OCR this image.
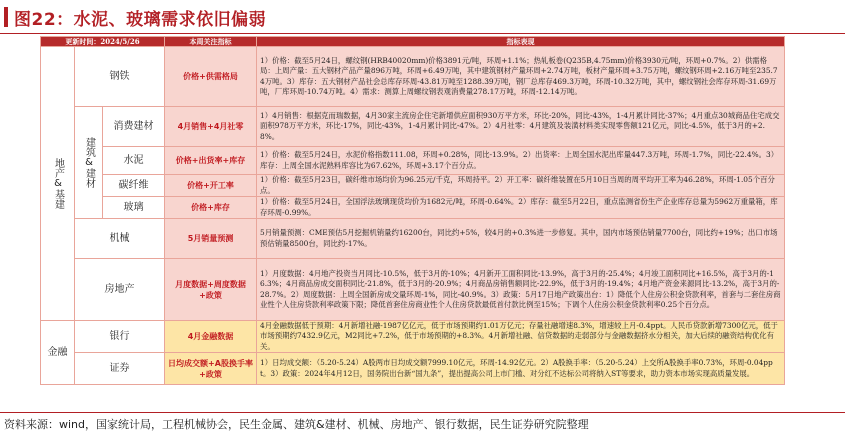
图22：水泥、玻璃需求依旧偏弱
更新时间：2024/5/26			本周关注指标	指标表现

地产&基建	钢铁		价格+供需格局	1）价格：截至5月24日，螺纹钢(HRB40020mm)价格3891元/吨，环周+1.1%；热轧板卷(Q235B,4.75mm)价格3930元/吨，环周+0.7%。2）供需格局：上周产量：五大钢材产品产量896万吨，环周+6.49万吨，其中建筑钢材产量环周+2.74万吨，板材产量环周+3.75万吨，螺纹钢环周+2.16万吨至235.74万吨。3）库存：五大钢材产品社会总库存环周-43.81万吨至1288.39万吨，钢厂总库存469.3万吨，环周-10.32万吨，其中，螺纹钢社会库存环周-31.69万吨，厂库环周-10.74万吨。4）需求：测算上周螺纹钢表观消费量278.17万吨，环周-12.14万吨。

	建筑&建材	消费建材	4月销售+4月社零	1）4月销售：根据克而瑞数据，4月30家主流房企住宅新增供应面积930万平方米，环比-20%，同比-43%，1-4月累计同比-37%；4月重点30城商品住宅成交面积978万平方米，环比-17%，同比-43%，1-4月累计同比-47%。2）4月社零：4月建筑及装潢材料类实现零售额121亿元，同比-4.5%，低于3月的+2.8%。
		水泥	价格+出货率+库存	1）价格：截至5月24日，水泥价格指数111.08，环周+0.28%，同比-13.9%。2）出货率：上周全国水泥出库量447.3万吨，环周-1.7%，同比-22.4%。3）库存：上周全国水泥熟料库容比为67.62%，环周+3.17个百分点。
		碳纤维	价格+开工率	1）价格：截至5月23日，碳纤维市场均价为96.25元/千克，环周持平。2）开工率：碳纤维装置在5月10日当周的周平均开工率为46.28%，环周-1.05个百分点。
		玻璃	价格+库存	1）价格：截至5月24日，全国浮法玻璃现货均价为1682元/吨，环周-0.64%。2）库存：截至5月22日，重点监测省份生产企业库存总量为5962万重量箱，库存环周-0.99%。
	机械		5月销量预测	5月销量预测：CME预估5月挖掘机销量约16200台，同比约+5%，较4月的+0.3%进一步修复。其中，国内市场预估销量7700台，同比约+19%；出口市场预估销量8500台，同比约-17%。
	房地产		月度数据+周度数据+政策	1）月度数据：4月地产投资当月同比-10.5%，低于3月的-10%；4月新开工面积同比-13.9%，高于3月的-25.4%；4月竣工面积同比+16.5%，高于3月的-16.3%；4月商品房成交面积同比-21.8%，低于3月的-20.9%；4月商品房销售额同比-22.9%，低于3月的-19.4%；4月地产资金来源同比-13.2%，高于3月的-28.7%。2）周度数据：上周全国新房成交量环周-1%，同比-40.9%。3）政策：5月17日地产政策出台：1）降低个人住房公积金贷款利率，首套与二套住房商业性个人住房贷款利率政策下限；降低首套住房商业性个人住房贷款最低首付款比例至15%；下调个人住房公积金贷款利率0.25个百分点。
金融	银行		4月金融数据	4月金融数据低于预期：4月新增社融-1987亿亿元，低于市场预期约1.01万亿元；存量社融增速8.3%，增速较上月-0.4ppt。人民币贷款新增7300亿元，低于市场预期约7432.9亿元，M2同比+7.2%，低于市场预期的+8.3%。4月新增社融、信贷数据的走弱部分与金融数据挤水分相关，加大后续的融资结构优化有关。
	证券		日均成交额+A股换手率+政策	1）日均成交额：（5.20-5.24）A股两市日均成交额7999.10亿元，环周-14.92亿元。2）A股换手率：（5.20-5.24）上交所A股换手率0.73%，环周-0.04ppt。3）政策：2024年4月12日，国务院出台新“国九条”，提出提高公司上市门槛、对分红不达标公司将纳入ST等要求，助力资本市场实现高质量发展。
资料来源：wind，国家统计局，工程机械协会，民生金属、建筑&建材、机械、房地产、银行数据，民生证券研究院整理
